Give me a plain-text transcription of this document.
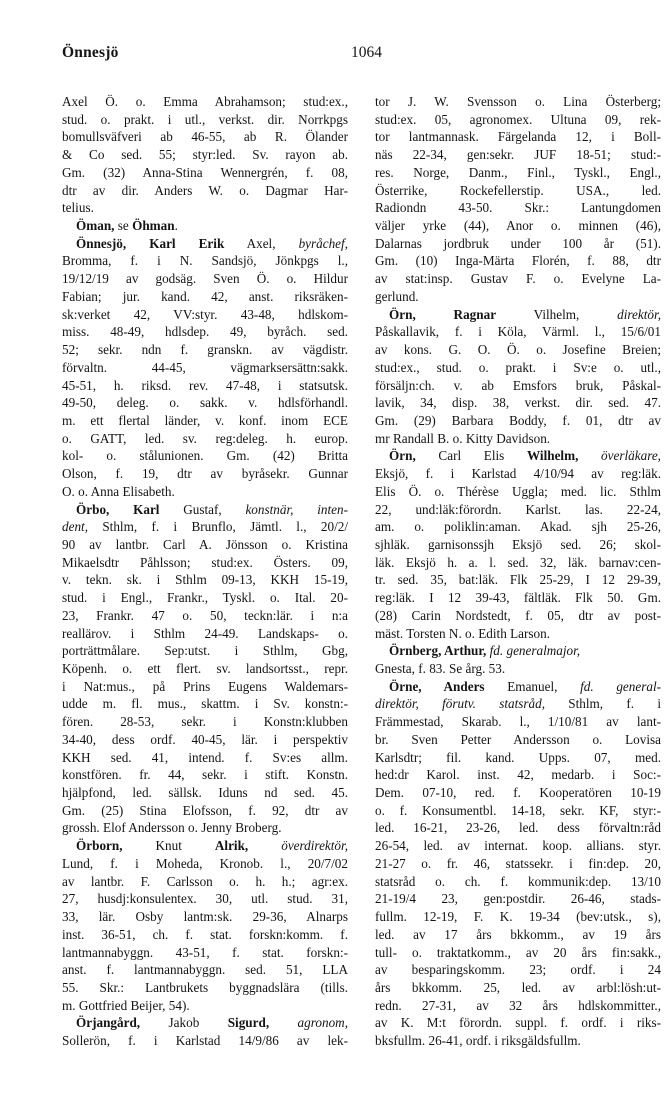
Önnesjö	1064
Axel Ö. o. Emma Abrahamson; stud:ex.,
stud. o. prakt. i utl., verkst. dir. Norrkpgs
bomullsväfveri ab 46-55, ab R. Ölander
& Co sed. 55; styr:led. Sv. rayon ab.
Gm. (32) Anna-Stina Wennergrén, f. 08,
dtr av dir. Anders W. o. Dagmar Har-
telius.
Öman, se Öhman.
Önnesjö, Karl Erik Axel, byråchef,
Bromma, f. i N. Sandsjö, Jönkpgs l.,
19/12/19 av godsäg. Sven Ö. o. Hildur
Fabian; jur. kand. 42, anst. riksräken-
sk:verket 42, VV:styr. 43-48, hdlskom-
miss. 48-49, hdlsdep. 49, byråch. sed.
52; sekr. ndn f. granskn. av vägdistr.
förvaltn. 44-45, vägmarksersättn:sakk.
45-51, h. riksd. rev. 47-48, i statsutsk.
49-50, deleg. o. sakk. v. hdlsförhandl.
m. ett flertal länder, v. konf. inom ECE
o. GATT, led. sv. reg:deleg. h. europ.
kol- o. stålunionen. Gm. (42) Britta
Olson, f. 19, dtr av byråsekr. Gunnar
O. o. Anna Elisabeth.
Örbo, Karl Gustaf, konstnär, inten-
dent, Sthlm, f. i Brunflo, Jämtl. l., 20/2/
90 av lantbr. Carl A. Jönsson o. Kristina
Mikaelsdtr Påhlsson; stud:ex. Östers. 09,
v. tekn. sk. i Sthlm 09-13, KKH 15-19,
stud. i Engl., Frankr., Tyskl. o. Ital. 20-
23, Frankr. 47 o. 50, teckn:lär. i n:a
reallärov. i Sthlm 24-49. Landskaps- o.
porträttmålare. Sep:utst. i Sthlm, Gbg,
Köpenh. o. ett flert. sv. landsortsst., repr.
i Nat:mus., på Prins Eugens Waldemars-
udde m. fl. mus., skattm. i Sv. konstn:-
fören. 28-53, sekr. i Konstn:klubben
34-40, dess ordf. 40-45, lär. i perspektiv
KKH sed. 41, intend. f. Sv:es allm.
konstfören. fr. 44, sekr. i stift. Konstn.
hjälpfond, led. sällsk. Iduns nd sed. 45.
Gm. (25) Stina Elofsson, f. 92, dtr av
grossh. Elof Andersson o. Jenny Broberg.
Örborn, Knut Alrik, överdirektör,
Lund, f. i Moheda, Kronob. l., 20/7/02
av lantbr. F. Carlsson o. h. h.; agr:ex.
27, husdj:konsulentex. 30, utl. stud. 31,
33, lär. Osby lantm:sk. 29-36, Alnarps
inst. 36-51, ch. f. stat. forskn:komm. f.
lantmannabyggn. 43-51, f. stat. forskn:-
anst. f. lantmannabyggn. sed. 51, LLA
55. Skr.: Lantbrukets byggnadslära (tills.
m. Gottfried Beijer, 54).
Örjangård, Jakob Sigurd, agronom,
Sollerön, f. i Karlstad 14/9/86 av lek-
tor J. W. Svensson o. Lina Österberg;
stud:ex. 05, agronomex. Ultuna 09, rek-
tor lantmannask. Färgelanda 12, i Boll-
näs 22-34, gen:sekr. JUF 18-51; stud:-
res. Norge, Danm., Finl., Tyskl., Engl.,
Österrike, Rockefellerstip. USA., led.
Radiondn 43-50. Skr.: Lantungdomen
väljer yrke (44), Anor o. minnen (46),
Dalarnas jordbruk under 100 år (51).
Gm. (10) Inga-Märta Florén, f. 88, dtr
av stat:insp. Gustav F. o. Evelyne La-
gerlund.
Örn, Ragnar Vilhelm, direktör,
Påskallavik, f. i Köla, Värml. l., 15/6/01
av kons. G. O. Ö. o. Josefine Breien;
stud:ex., stud. o. prakt. i Sv:e o. utl.,
försäljn:ch. v. ab Emsfors bruk, Påskal-
lavik, 34, disp. 38, verkst. dir. sed. 47.
Gm. (29) Barbara Boddy, f. 01, dtr av
mr Randall B. o. Kitty Davidson.
Örn, Carl Elis Wilhelm, överläkare,
Eksjö, f. i Karlstad 4/10/94 av reg:läk.
Elis Ö. o. Thérèse Uggla; med. lic. Sthlm
22, und:läk:förordn. Karlst. las. 22-24,
am. o. poliklin:aman. Akad. sjh 25-26,
sjhläk. garnisonssjh Eksjö sed. 26; skol-
läk. Eksjö h. a. l. sed. 32, läk. barnav:cen-
tr. sed. 35, bat:läk. Flk 25-29, I 12 29-39,
reg:läk. I 12 39-43, fältläk. Flk 50. Gm.
(28) Carin Nordstedt, f. 05, dtr av post-
mäst. Torsten N. o. Edith Larson.
Örnberg, Arthur, fd. generalmajor,
Gnesta, f. 83. Se årg. 53.
Örne, Anders Emanuel, fd. general-
direktör, förutv. statsråd, Sthlm, f. i
Främmestad, Skarab. l., 1/10/81 av lant-
br. Sven Petter Andersson o. Lovisa
Karlsdtr; fil. kand. Upps. 07, med.
hed:dr Karol. inst. 42, medarb. i Soc:-
Dem. 07-10, red. f. Kooperatören 10-19
o. f. Konsumentbl. 14-18, sekr. KF, styr:-
led. 16-21, 23-26, led. dess förvaltn:råd
26-54, led. av internat. koop. allians. styr.
21-27 o. fr. 46, statssekr. i fin:dep. 20,
statsråd o. ch. f. kommunik:dep. 13/10
21-19/4 23, gen:postdir. 26-46, stads-
fullm. 12-19, F. K. 19-34 (bev:utsk., s),
led. av 17 års bkkomm., av 19 års
tull- o. traktatkomm., av 20 års fin:sakk.,
av besparingskomm. 23; ordf. i 24
års bkkomm. 25, led. av arbl:lösh:ut-
redn. 27-31, av 32 års hdlskommitter.,
av K. M:t förordn. suppl. f. ordf. i riks-
bksfullm. 26-41, ordf. i riksgäldsfullm.
